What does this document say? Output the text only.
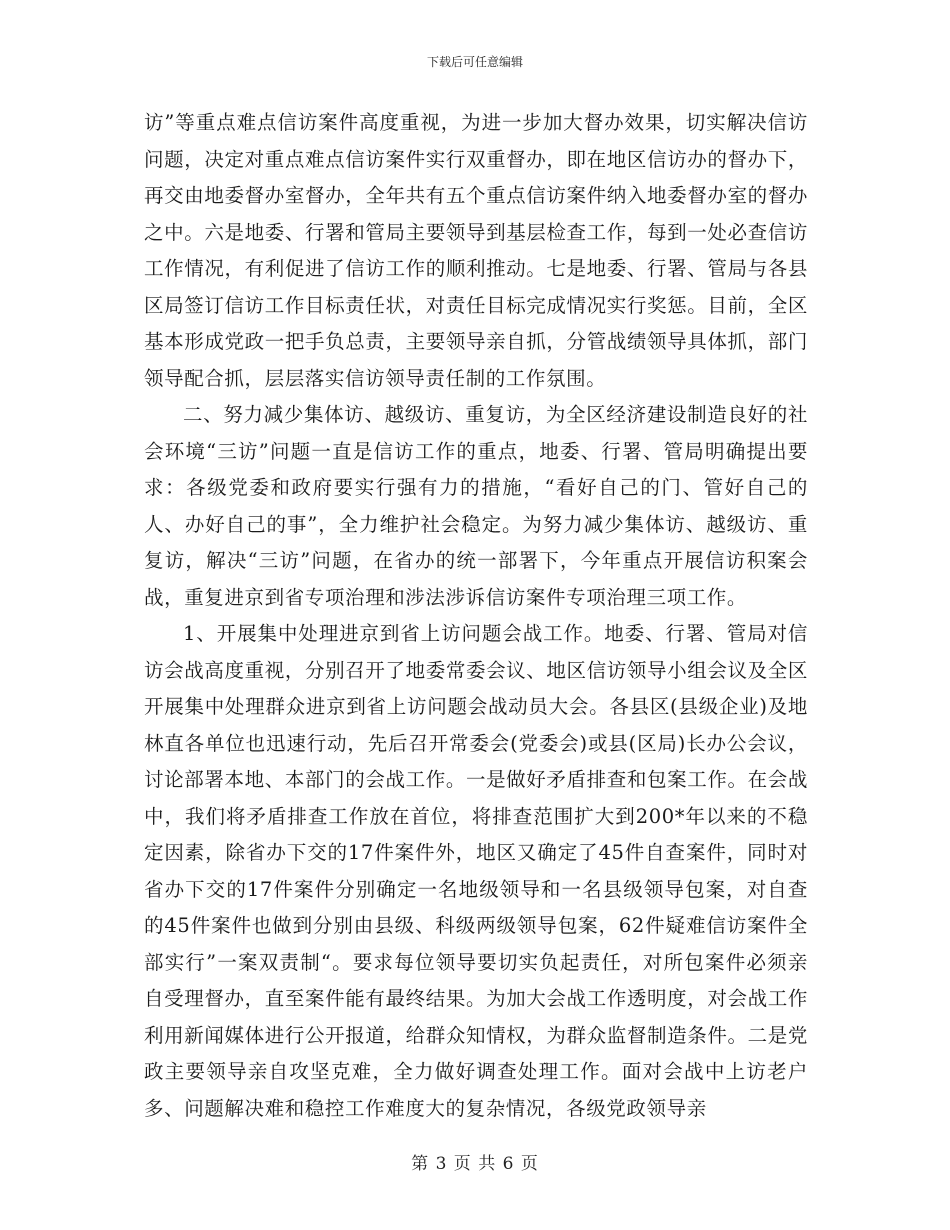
下载后可任意编辑

访”等重点难点信访案件高度重视，为进一步加大督办效果，切实解决信访问题，决定对重点难点信访案件实行双重督办，即在地区信访办的督办下，再交由地委督办室督办，全年共有五个重点信访案件纳入地委督办室的督办之中。六是地委、行署和管局主要领导到基层检查工作，每到一处必查信访工作情况，有利促进了信访工作的顺利推动。七是地委、行署、管局与各县区局签订信访工作目标责任状，对责任目标完成情况实行奖惩。目前，全区基本形成党政一把手负总责，主要领导亲自抓，分管战绩领导具体抓，部门领导配合抓，层层落实信访领导责任制的工作氛围。

二、努力减少集体访、越级访、重复访，为全区经济建设制造良好的社会环境“三访”问题一直是信访工作的重点，地委、行署、管局明确提出要求：各级党委和政府要实行强有力的措施，“看好自己的门、管好自己的人、办好自己的事”，全力维护社会稳定。为努力减少集体访、越级访、重复访，解决“三访”问题，在省办的统一部署下，今年重点开展信访积案会战，重复进京到省专项治理和涉法涉诉信访案件专项治理三项工作。

1、开展集中处理进京到省上访问题会战工作。地委、行署、管局对信访会战高度重视，分别召开了地委常委会议、地区信访领导小组会议及全区开展集中处理群众进京到省上访问题会战动员大会。各县区(县级企业)及地林直各单位也迅速行动，先后召开常委会(党委会)或县(区局)长办公会议，讨论部署本地、本部门的会战工作。一是做好矛盾排查和包案工作。在会战中，我们将矛盾排查工作放在首位，将排查范围扩大到200*年以来的不稳定因素，除省办下交的17件案件外，地区又确定了45件自查案件，同时对省办下交的17件案件分别确定一名地级领导和一名县级领导包案，对自查的45件案件也做到分别由县级、科级两级领导包案，62件疑难信访案件全部实行”一案双责制“。要求每位领导要切实负起责任，对所包案件必须亲自受理督办，直至案件能有最终结果。为加大会战工作透明度，对会战工作利用新闻媒体进行公开报道，给群众知情权，为群众监督制造条件。二是党政主要领导亲自攻坚克难，全力做好调查处理工作。面对会战中上访老户多、问题解决难和稳控工作难度大的复杂情况，各级党政领导亲

第 3 页 共 6 页
